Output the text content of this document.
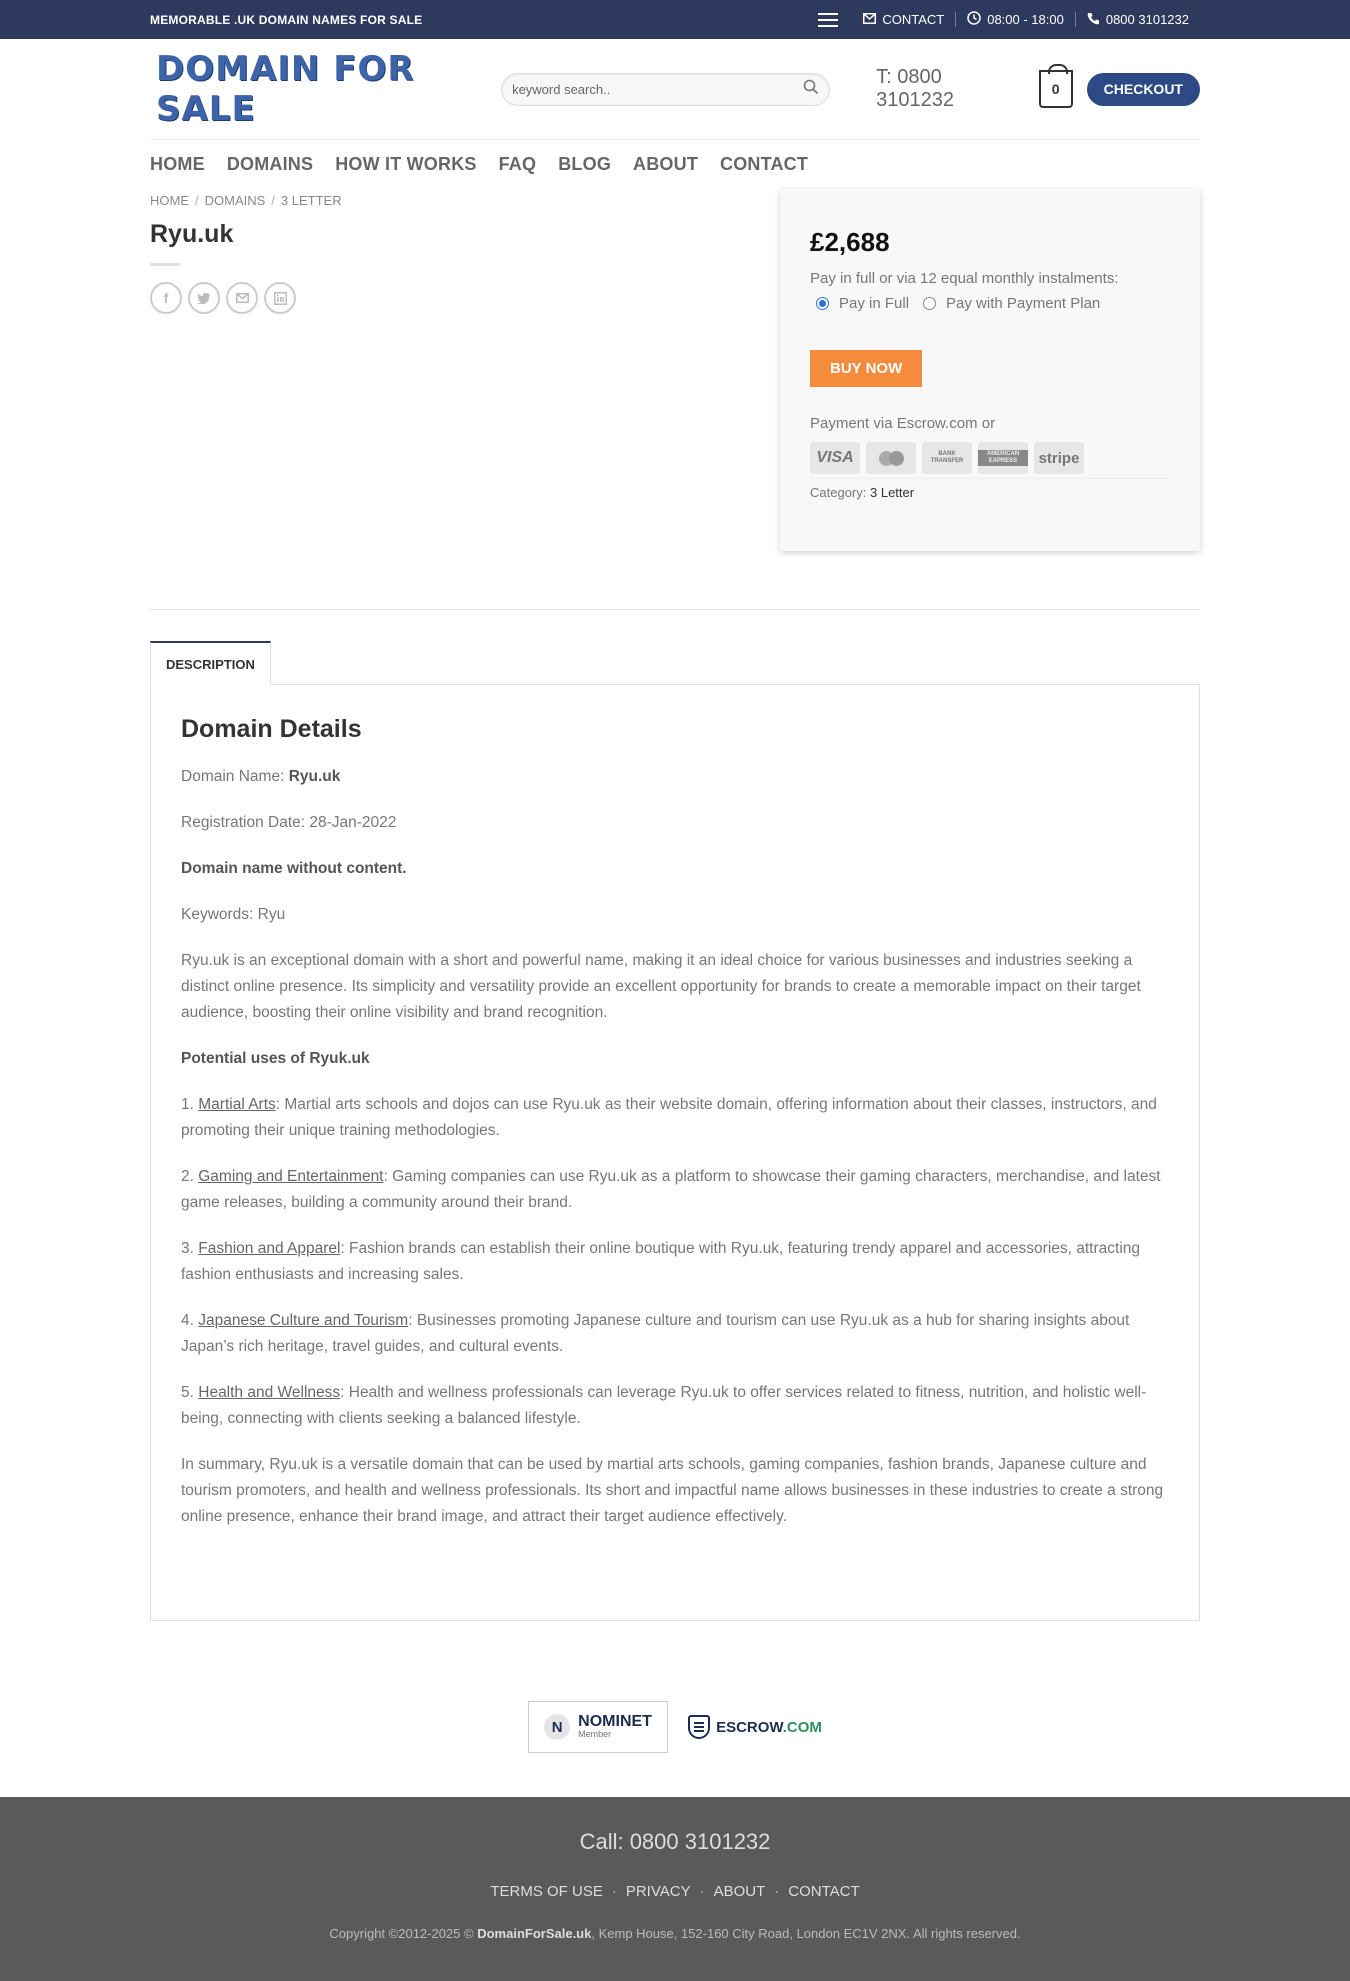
MEMORABLE .UK DOMAIN NAMES FOR SALE	CONTACT	08:00 - 18:00	0800 3101232
DOMAIN FOR SALE
keyword search..
T: 0800 3101232	0	CHECKOUT
HOME DOMAINS HOW IT WORKS FAQ BLOG ABOUT CONTACT
HOME / DOMAINS / 3 LETTER
Ryu.uk
f
£2,688
Pay in full or via 12 equal monthly instalments:
Pay in Full Pay with Payment Plan
BUY NOW
Payment via Escrow.com or
VISA	BANK TRANSFER
AMERICAN EXPRESS	stripe
Category: 3 Letter
DESCRIPTION
Domain Details

Domain Name: Ryu.uk

Registration Date: 28-Jan-2022

Domain name without content.

Keywords: Ryu

Ryu.uk is an exceptional domain with a short and powerful name, making it an ideal choice for various businesses and industries seeking a distinct online presence. Its simplicity and versatility provide an excellent opportunity for brands to create a memorable impact on their target audience, boosting their online visibility and brand recognition.

Potential uses of Ryuk.uk

1. Martial Arts: Martial arts schools and dojos can use Ryu.uk as their website domain, offering information about their classes, instructors, and promoting their unique training methodologies.

2. Gaming and Entertainment: Gaming companies can use Ryu.uk as a platform to showcase their gaming characters, merchandise, and latest game releases, building a community around their brand.

3. Fashion and Apparel: Fashion brands can establish their online boutique with Ryu.uk, featuring trendy apparel and accessories, attracting fashion enthusiasts and increasing sales.

4. Japanese Culture and Tourism: Businesses promoting Japanese culture and tourism can use Ryu.uk as a hub for sharing insights about Japan’s rich heritage, travel guides, and cultural events.

5. Health and Wellness: Health and wellness professionals can leverage Ryu.uk to offer services related to fitness, nutrition, and holistic well-being, connecting with clients seeking a balanced lifestyle.

In summary, Ryu.uk is a versatile domain that can be used by martial arts schools, gaming companies, fashion brands, Japanese culture and tourism promoters, and health and wellness professionals. Its short and impactful name allows businesses in these industries to create a strong online presence, enhance their brand image, and attract their target audience effectively.

N NOMINET
Member	ESCROW.COM
Call: 0800 3101232
TERMS OF USE · PRIVACY · ABOUT · CONTACT
Copyright ©2012-2025 © DomainForSale.uk, Kemp House, 152-160 City Road, London EC1V 2NX. All rights reserved.
